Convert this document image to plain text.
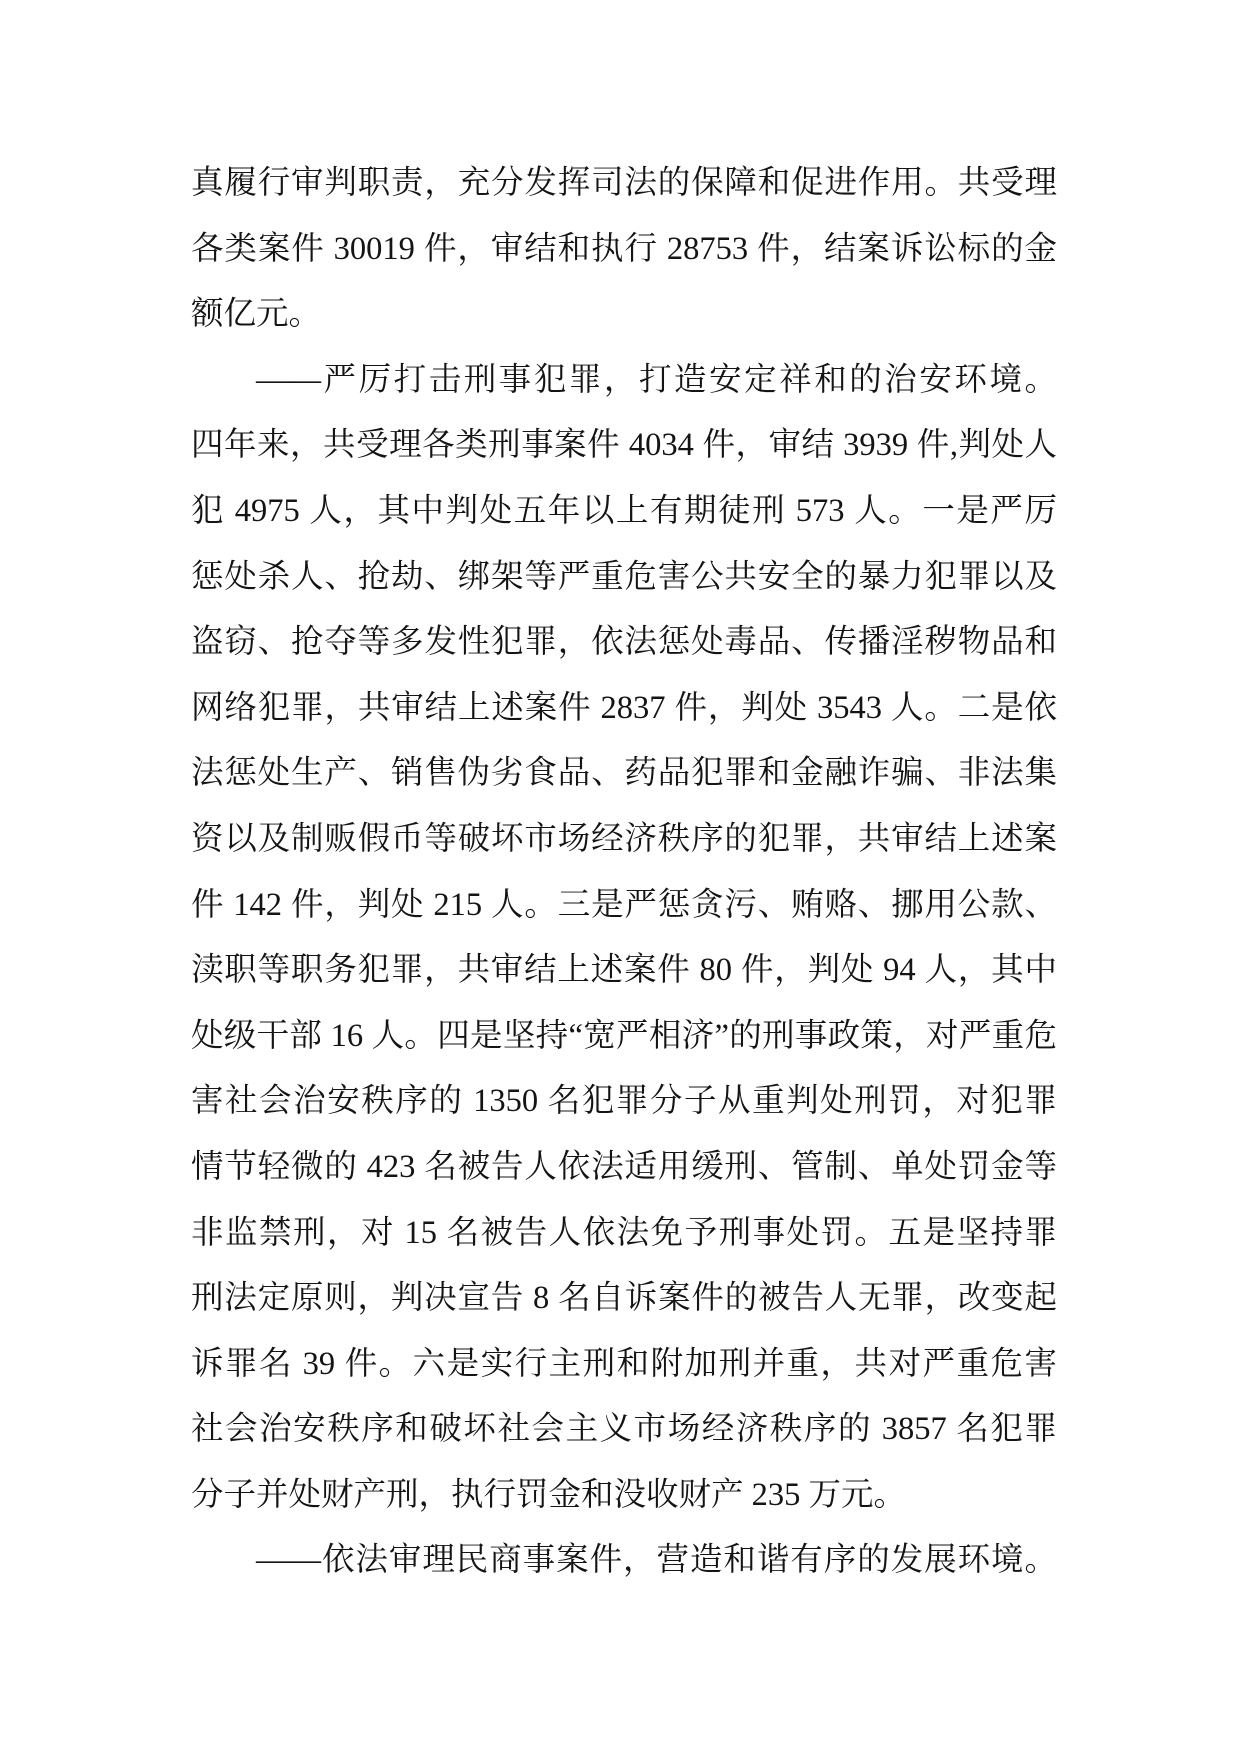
真履行审判职责，充分发挥司法的保障和促进作用。共受理
各类案件 30019 件，审结和执行 28753 件，结案诉讼标的金
额亿元。
——严厉打击刑事犯罪，打造安定祥和的治安环境。
四年来，共受理各类刑事案件 4034 件，审结 3939 件,判处人
犯 4975 人，其中判处五年以上有期徒刑 573 人。一是严厉
惩处杀人、抢劫、绑架等严重危害公共安全的暴力犯罪以及
盗窃、抢夺等多发性犯罪，依法惩处毒品、传播淫秽物品和
网络犯罪，共审结上述案件 2837 件，判处 3543 人。二是依
法惩处生产、销售伪劣食品、药品犯罪和金融诈骗、非法集
资以及制贩假币等破坏市场经济秩序的犯罪，共审结上述案
件 142 件，判处 215 人。三是严惩贪污、贿赂、挪用公款、
渎职等职务犯罪，共审结上述案件 80 件，判处 94 人，其中
处级干部 16 人。四是坚持“宽严相济”的刑事政策，对严重危
害社会治安秩序的 1350 名犯罪分子从重判处刑罚，对犯罪
情节轻微的 423 名被告人依法适用缓刑、管制、单处罚金等
非监禁刑，对 15 名被告人依法免予刑事处罚。五是坚持罪
刑法定原则，判决宣告 8 名自诉案件的被告人无罪，改变起
诉罪名 39 件。六是实行主刑和附加刑并重，共对严重危害
社会治安秩序和破坏社会主义市场经济秩序的 3857 名犯罪
分子并处财产刑，执行罚金和没收财产 235 万元。
——依法审理民商事案件，营造和谐有序的发展环境。
